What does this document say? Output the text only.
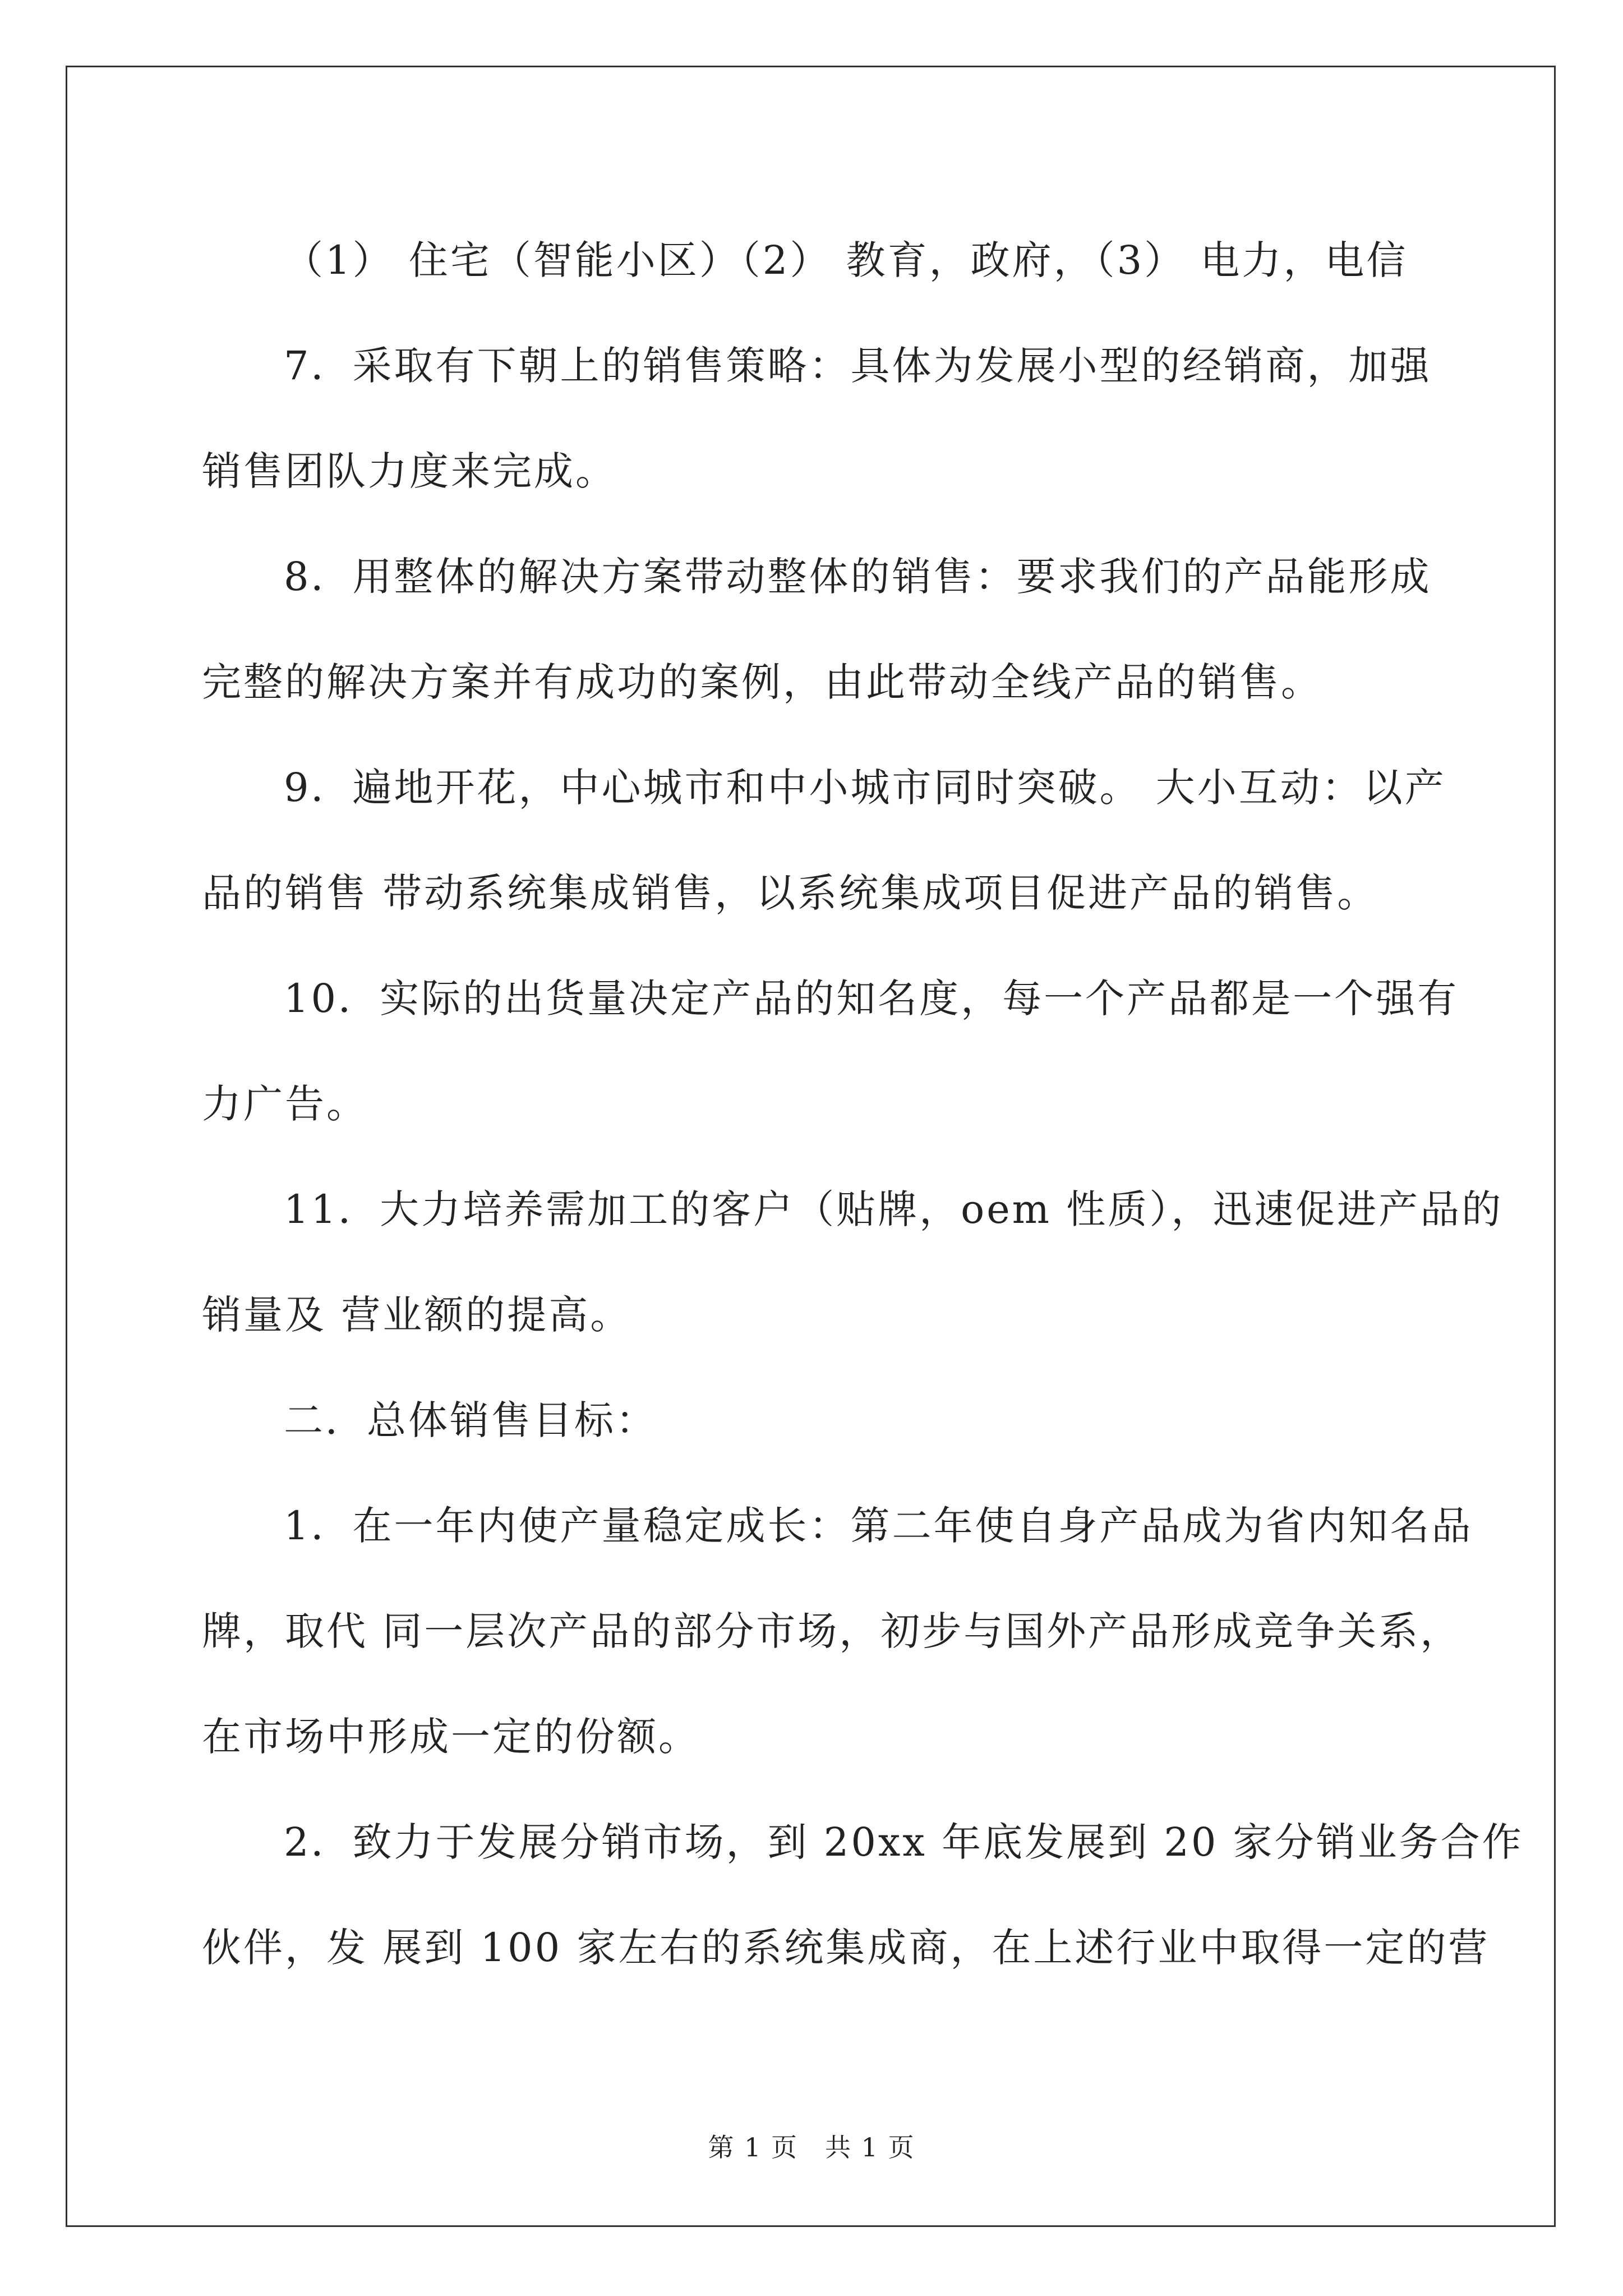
（1） 住宅（智能小区）（2） 教育，政府，（3） 电力，电信

7．采取有下朝上的销售策略：具体为发展小型的经销商，加强
销售团队力度来完成。

8．用整体的解决方案带动整体的销售：要求我们的产品能形成
完整的解决方案并有成功的案例，由此带动全线产品的销售。

9．遍地开花，中心城市和中小城市同时突破。 大小互动：以产
品的销售 带动系统集成销售，以系统集成项目促进产品的销售。

10．实际的出货量决定产品的知名度，每一个产品都是一个强有
力广告。

11．大力培养需加工的客户（贴牌，oem 性质），迅速促进产品的
销量及 营业额的提高。

二．总体销售目标：

1．在一年内使产量稳定成长：第二年使自身产品成为省内知名品
牌，取代 同一层次产品的部分市场，初步与国外产品形成竞争关系，
在市场中形成一定的份额。

2．致力于发展分销市场，到 20xx 年底发展到 20 家分销业务合作
伙伴，发 展到 100 家左右的系统集成商，在上述行业中取得一定的营

第 1 页　共 1 页
